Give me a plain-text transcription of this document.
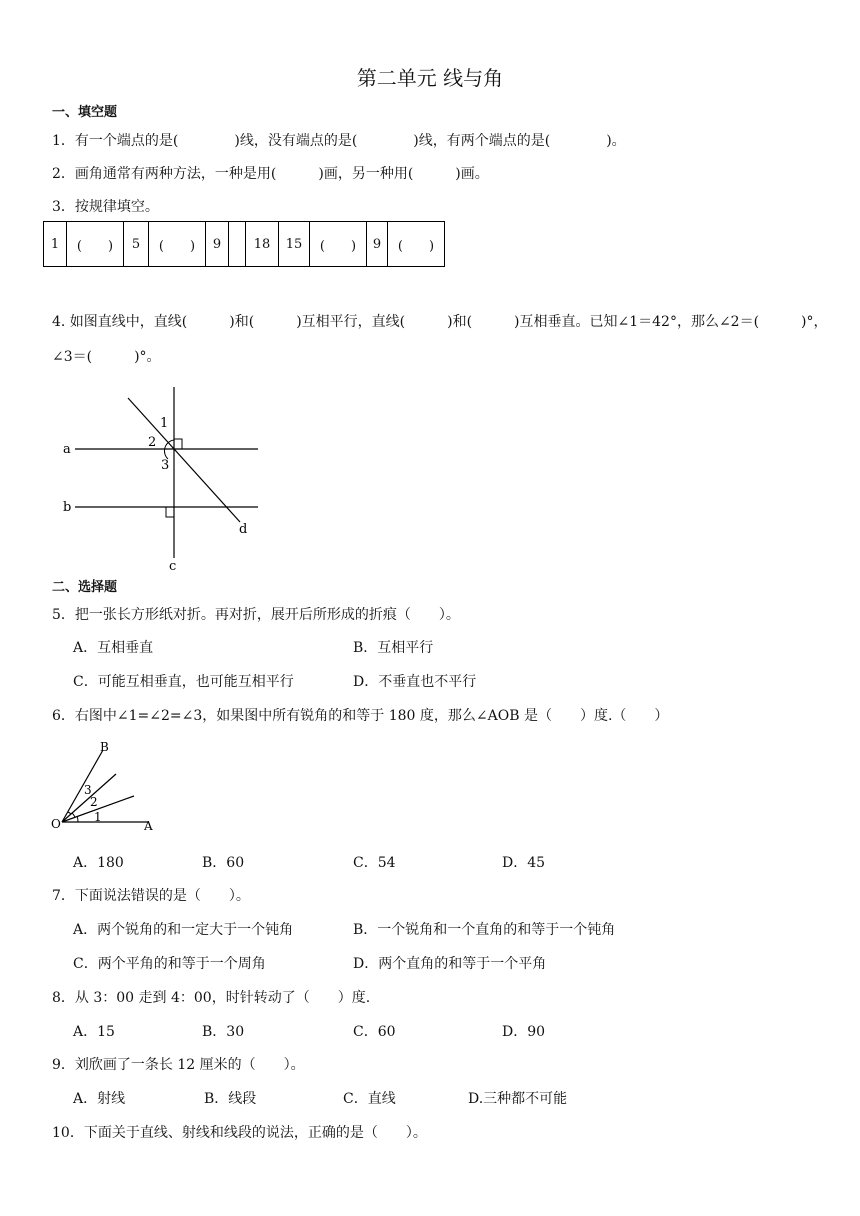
第二单元 线与角
一、填空题
1．有一个端点的是(　　　　)线，没有端点的是(　　　　)线，有两个端点的是(　　　　)。
2．画角通常有两种方法，一种是用(　　　)画，另一种用(　　　)画。
3．按规律填空。
1	(　　)	5	(　　)	9		18	15	(　　)	9	(　　)
4. 如图直线中，直线(　　　)和(　　　)互相平行，直线(　　　)和(　　　)互相垂直。已知∠1＝42°，那么∠2＝(　　　)°，
∠3＝(　　　)°。
a
b
c
d
1
2
3
二、选择题
5．把一张长方形纸对折。再对折，展开后所形成的折痕（　　）。
A．互相垂直	B．互相平行
C．可能互相垂直，也可能互相平行	D．不垂直也不平行
6．右图中∠1=∠2=∠3，如果图中所有锐角的和等于 180 度，那么∠AOB 是（　　）度.（　　）
B
O	A
1
2
3
A．180	B．60	C．54	D．45
7．下面说法错误的是（　　）。
A．两个锐角的和一定大于一个钝角	B．一个锐角和一个直角的和等于一个钝角
C．两个平角的和等于一个周角	D．两个直角的和等于一个平角
8．从 3：00 走到 4：00，时针转动了（　　）度.
A．15	B．30	C．60	D．90
9．刘欣画了一条长 12 厘米的（　　）。
A．射线	B．线段	C．直线	D.三种都不可能
10．下面关于直线、射线和线段的说法，正确的是（　　）。
